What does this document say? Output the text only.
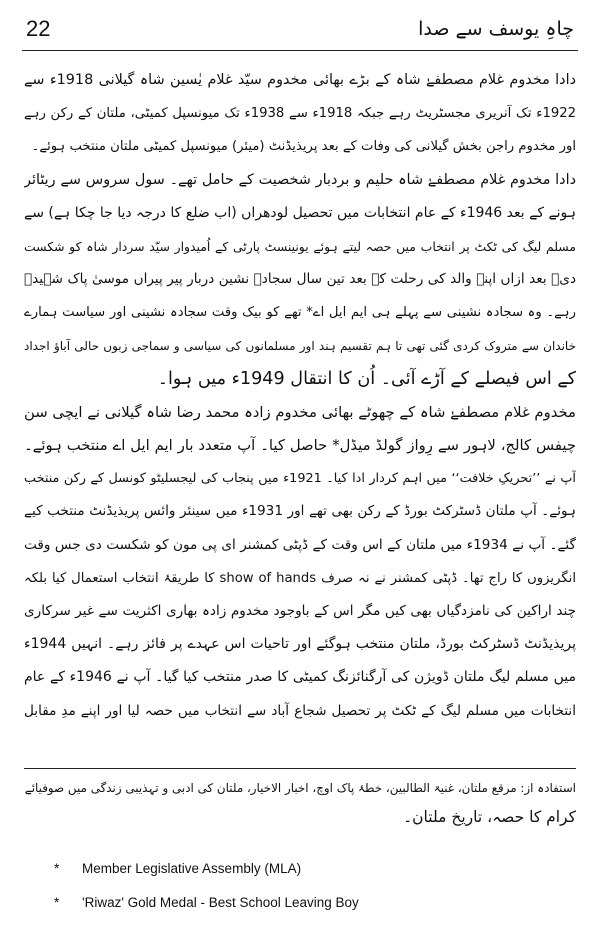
22	چاہِ یوسف سے صدا
دادا مخدوم غلام مصطفےٰ شاہ کے بڑے بھائی مخدوم سیّد غلام یٰسین شاہ گیلانی 1918ء سے
1922ء تک آنریری مجسٹریٹ رہے جبکہ 1918ء سے 1938ء تک میونسپل کمیٹی، ملتان کے رکن رہے
اور مخدوم راجن بخش گیلانی کی وفات کے بعد پریذیڈنٹ (میئر) میونسپل کمیٹی ملتان منتخب ہوئے۔
دادا مخدوم غلام مصطفےٰ شاہ حلیم و بردبار شخصیت کے حامل تھے۔ سول سروس سے ریٹائر
ہونے کے بعد 1946ء کے عام انتخابات میں تحصیل لودھراں (اب ضلع کا درجہ دیا جا چکا ہے) سے
مسلم لیگ کی ٹکٹ پر انتخاب میں حصہ لیتے ہوئے یونینسٹ پارٹی کے اُمیدوار سیّد سردار شاہ کو شکست
دی۔ بعد ازاں اپنے والد کی رحلت کے بعد تین سال سجادہ نشین دربار پیر پیراں موسیٰ پاک شہیدؒ
رہے۔ وہ سجادہ نشینی سے پہلے ہی ایم ایل اے* تھے کو بیک وقت سجادہ نشینی اور سیاست ہمارے
خاندان سے متروک کردی گئی تھی تا ہم تقسیم ہند اور مسلمانوں کی سیاسی و سماجی زبوں حالی آباؤ اجداد
کے اس فیصلے کے آڑے آئی۔ اُن کا انتقال 1949ء میں ہوا۔
مخدوم غلام مصطفےٰ شاہ کے چھوٹے بھائی مخدوم زادہ محمد رضا شاہ گیلانی نے ایچی سن
چیفس کالج، لاہور سے رِواز گولڈ میڈل* حاصل کیا۔ آپ متعدد بار ایم ایل اے منتخب ہوئے۔
آپ نے ’’تحریکِ خلافت‘‘ میں اہم کردار ادا کیا۔ 1921ء میں پنجاب کی لیجسلیٹو کونسل کے رکن منتخب
ہوئے۔ آپ ملتان ڈسٹرکٹ بورڈ کے رکن بھی تھے اور 1931ء میں سینئر وائس پریذیڈنٹ منتخب کیے
گئے۔ آپ نے 1934ء میں ملتان کے اس وقت کے ڈپٹی کمشنر ای پی مون کو شکست دی جس وقت
انگریزوں کا راج تھا۔ ڈپٹی کمشنر نے نہ صرف show of hands کا طریقۂ انتخاب استعمال کیا بلکہ
چند اراکین کی نامزدگیاں بھی کیں مگر اس کے باوجود مخدوم زادہ بھاری اکثریت سے غیر سرکاری
پریذیڈنٹ ڈسٹرکٹ بورڈ، ملتان منتخب ہوگئے اور تاحیات اس عہدے پر فائز رہے۔ انہیں 1944ء
میں مسلم لیگ ملتان ڈویژن کی آرگنائزنگ کمیٹی کا صدر منتخب کیا گیا۔ آپ نے 1946ء کے عام
انتخابات میں مسلم لیگ کے ٹکٹ پر تحصیل شجاع آباد سے انتخاب میں حصہ لیا اور اپنے مدِ مقابل
استفادہ از: مرقع ملتان، غنیۃ الطالبین، خطۂ پاک اوچ، اخبار الاخیار، ملتان کی ادبی و تہذیبی زندگی میں صوفیائے
کرام کا حصہ، تاریخ ملتان۔
*	Member Legislative Assembly (MLA)
*	'Riwaz' Gold Medal - Best School Leaving Boy
